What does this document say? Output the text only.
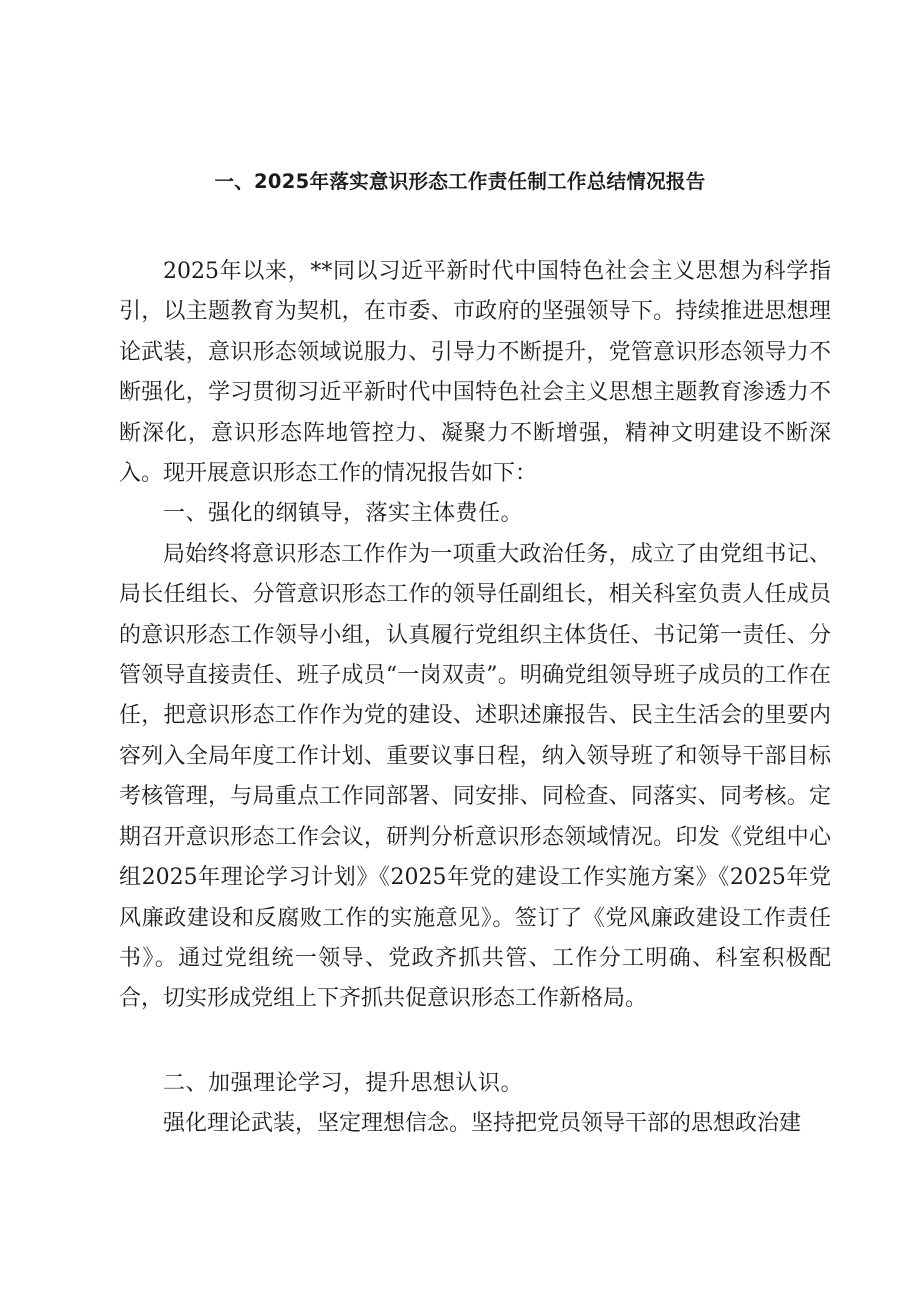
一、2025年落实意识形态工作责任制工作总结情况报告

2025年以来，**同以习近平新时代中国特色社会主义思想为科学指引，以主题教育为契机，在市委、市政府的坚强领导下。持续推进思想理论武装，意识形态领域说服力、引导力不断提升，党管意识形态领导力不断强化，学习贯彻习近平新时代中国特色社会主义思想主题教育渗透力不断深化，意识形态阵地管控力、凝聚力不断增强，精神文明建设不断深入。现开展意识形态工作的情况报告如下：

一、强化的纲镇导，落实主体费任。

局始终将意识形态工作作为一项重大政治任务，成立了由党组书记、局长任组长、分管意识形态工作的领导任副组长，相关科室负责人任成员的意识形态工作领导小组，认真履行党组织主体货任、书记第一责任、分管领导直接责任、班子成员“一岗双责”。明确党组领导班子成员的工作在任，把意识形态工作作为党的建设、述职述廉报告、民主生活会的里要内容列入全局年度工作计划、重要议事日程，纳入领导班了和领导干部目标考核管理，与局重点工作同部署、同安排、同检查、同落实、同考核。定期召开意识形态工作会议，研判分析意识形态领域情况。印发《党组中心组2025年理论学习计划》《2025年党的建设工作实施方案》《2025年党风廉政建设和反腐败工作的实施意见》。签订了《党风廉政建设工作责任书》。通过党组统一领导、党政齐抓共管、工作分工明确、科室积极配合，切实形成党组上下齐抓共促意识形态工作新格局。

二、加强理论学习，提升思想认识。

强化理论武装，坚定理想信念。坚持把党员领导干部的思想政治建
